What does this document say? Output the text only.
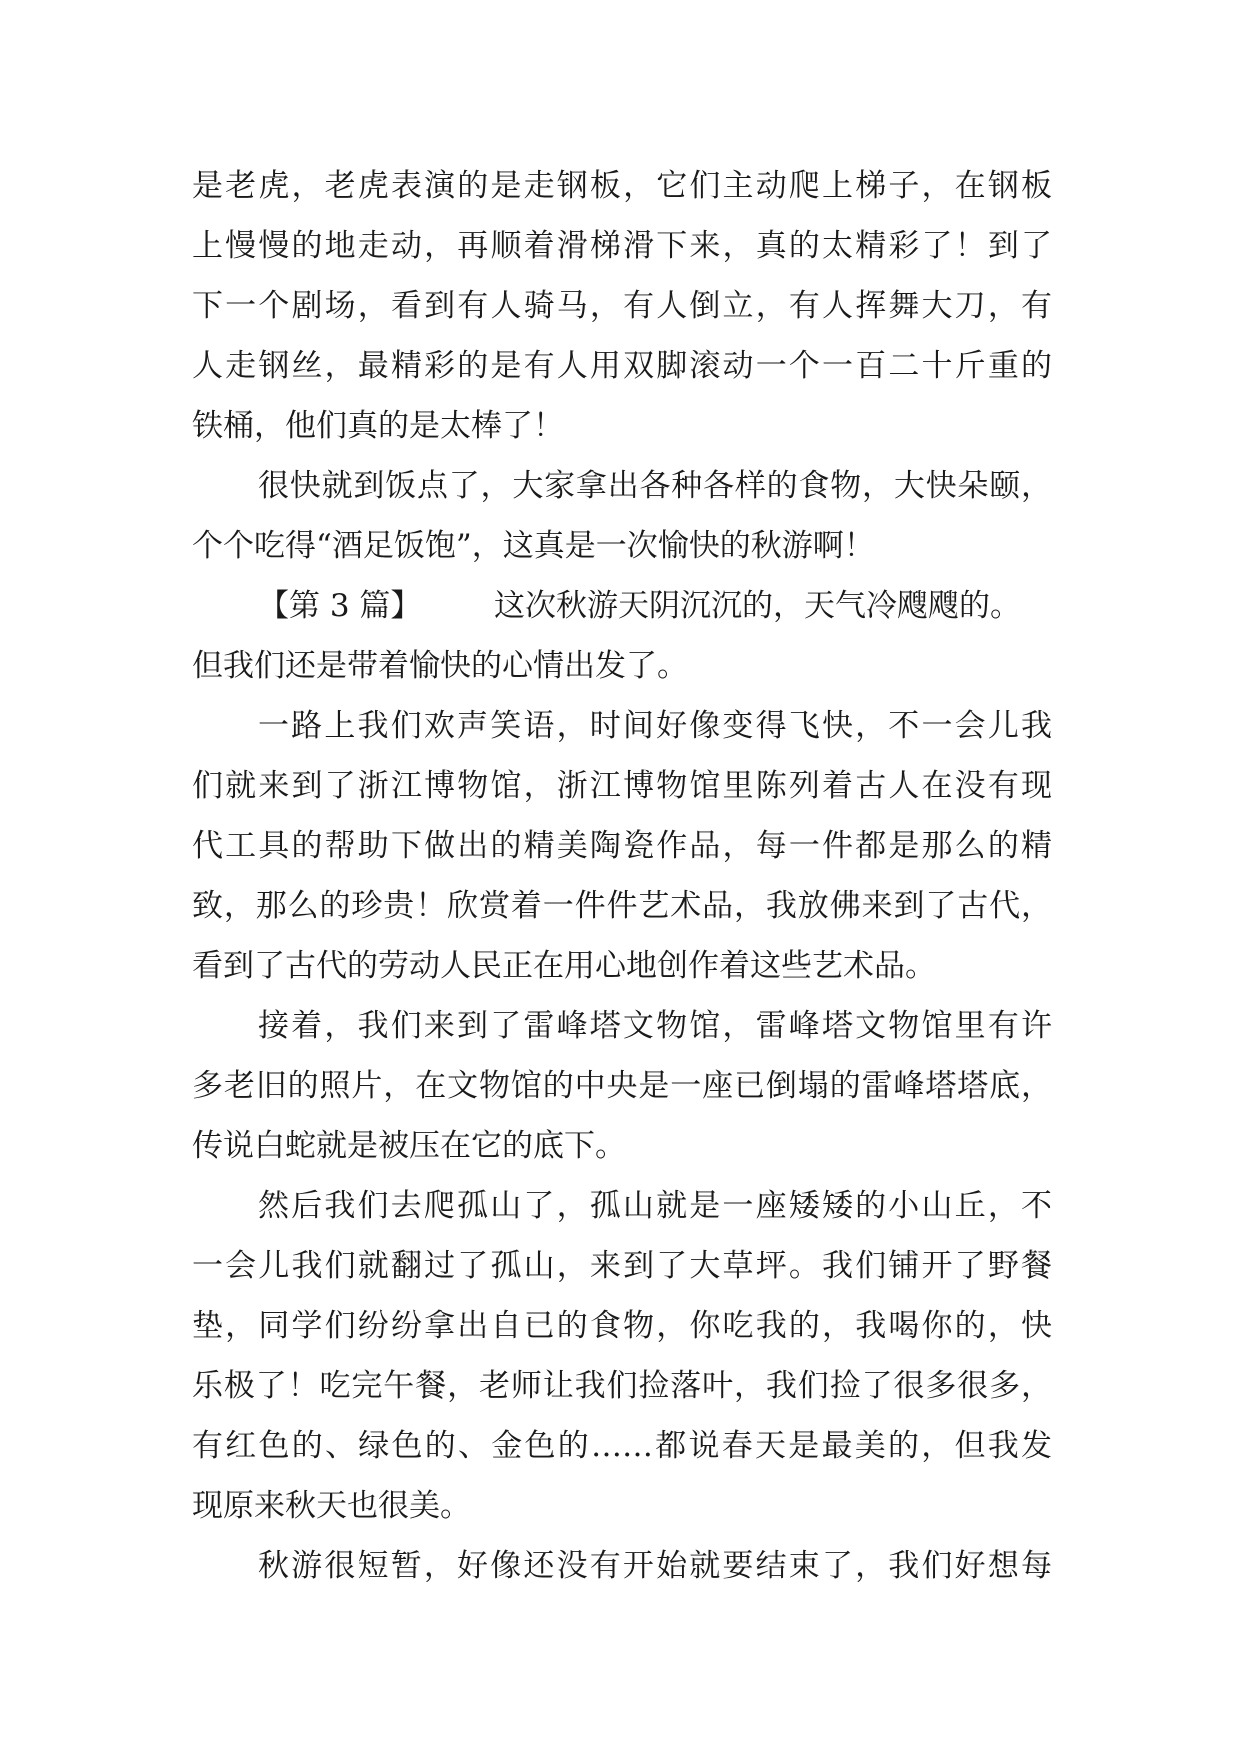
是老虎，老虎表演的是走钢板，它们主动爬上梯子，在钢板
上慢慢的地走动，再顺着滑梯滑下来，真的太精彩了！到了
下一个剧场，看到有人骑马，有人倒立，有人挥舞大刀，有
人走钢丝，最精彩的是有人用双脚滚动一个一百二十斤重的
铁桶，他们真的是太棒了！
很快就到饭点了，大家拿出各种各样的食物，大快朵颐，
个个吃得“酒足饭饱”，这真是一次愉快的秋游啊！
【第 3 篇】 这次秋游天阴沉沉的，天气冷飕飕的。
但我们还是带着愉快的心情出发了。
一路上我们欢声笑语，时间好像变得飞快，不一会儿我
们就来到了浙江博物馆，浙江博物馆里陈列着古人在没有现
代工具的帮助下做出的精美陶瓷作品，每一件都是那么的精
致，那么的珍贵！欣赏着一件件艺术品，我放佛来到了古代，
看到了古代的劳动人民正在用心地创作着这些艺术品。
接着，我们来到了雷峰塔文物馆，雷峰塔文物馆里有许
多老旧的照片，在文物馆的中央是一座已倒塌的雷峰塔塔底，
传说白蛇就是被压在它的底下。
然后我们去爬孤山了，孤山就是一座矮矮的小山丘，不
一会儿我们就翻过了孤山，来到了大草坪。我们铺开了野餐
垫，同学们纷纷拿出自已的食物，你吃我的，我喝你的，快
乐极了！吃完午餐，老师让我们捡落叶，我们捡了很多很多，
有红色的、绿色的、金色的……都说春天是最美的，但我发
现原来秋天也很美。
秋游很短暂，好像还没有开始就要结束了，我们好想每
